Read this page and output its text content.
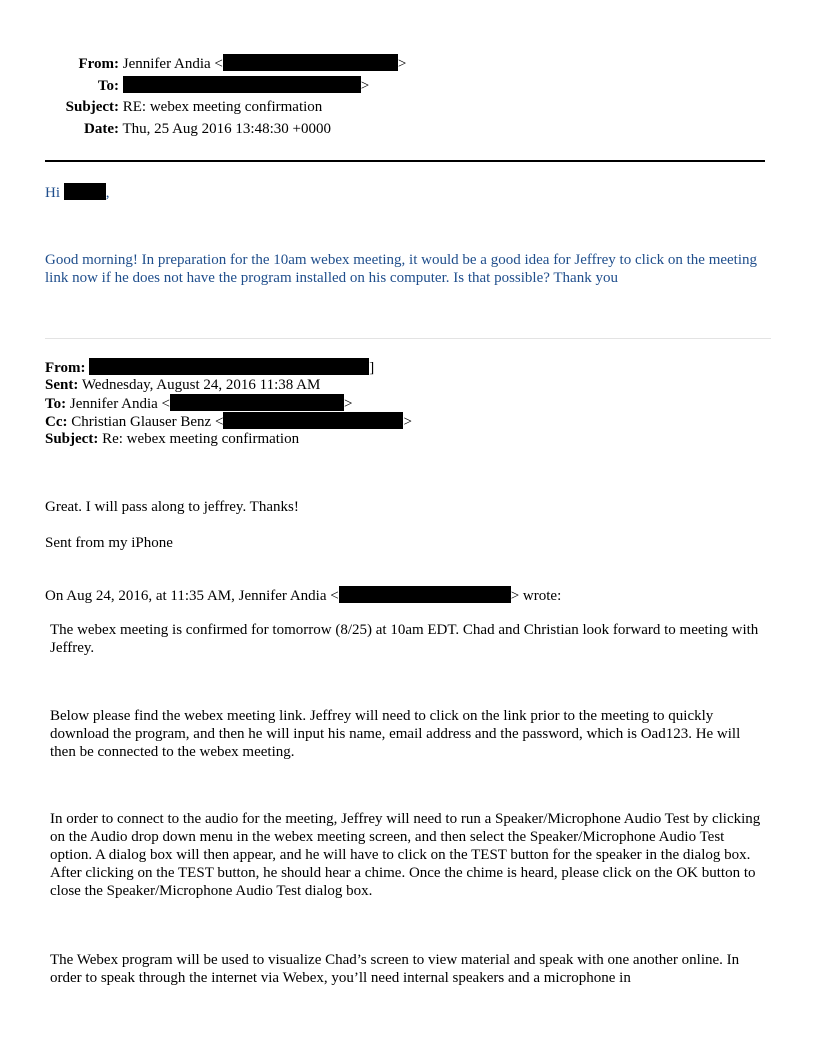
From: Jennifer Andia <	>
To:	>
Subject: RE: webex meeting confirmation
Date: Thu, 25 Aug 2016 13:48:30 +0000
Hi	,
Good morning! In preparation for the 10am webex meeting, it would be a good idea for Jeffrey to click on the meeting link now if he does not have the program installed on his computer. Is that possible? Thank you
From:	]
Sent: Wednesday, August 24, 2016 11:38 AM
To: Jennifer Andia <	>
Cc: Christian Glauser Benz <	>
Subject: Re: webex meeting confirmation
Great. I will pass along to jeffrey. Thanks!
Sent from my iPhone
On Aug 24, 2016, at 11:35 AM, Jennifer Andia <	> wrote:
The webex meeting is confirmed for tomorrow (8/25) at 10am EDT. Chad and Christian look forward to meeting with Jeffrey.
Below please find the webex meeting link. Jeffrey will need to click on the link prior to the meeting to quickly download the program, and then he will input his name, email address and the password, which is Oad123. He will then be connected to the webex meeting.
In order to connect to the audio for the meeting, Jeffrey will need to run a Speaker/Microphone Audio Test by clicking on the Audio drop down menu in the webex meeting screen, and then select the Speaker/Microphone Audio Test option. A dialog box will then appear, and he will have to click on the TEST button for the speaker in the dialog box. After clicking on the TEST button, he should hear a chime. Once the chime is heard, please click on the OK button to close the Speaker/Microphone Audio Test dialog box.
The Webex program will be used to visualize Chad’s screen to view material and speak with one another online. In order to speak through the internet via Webex, you’ll need internal speakers and a microphone in
